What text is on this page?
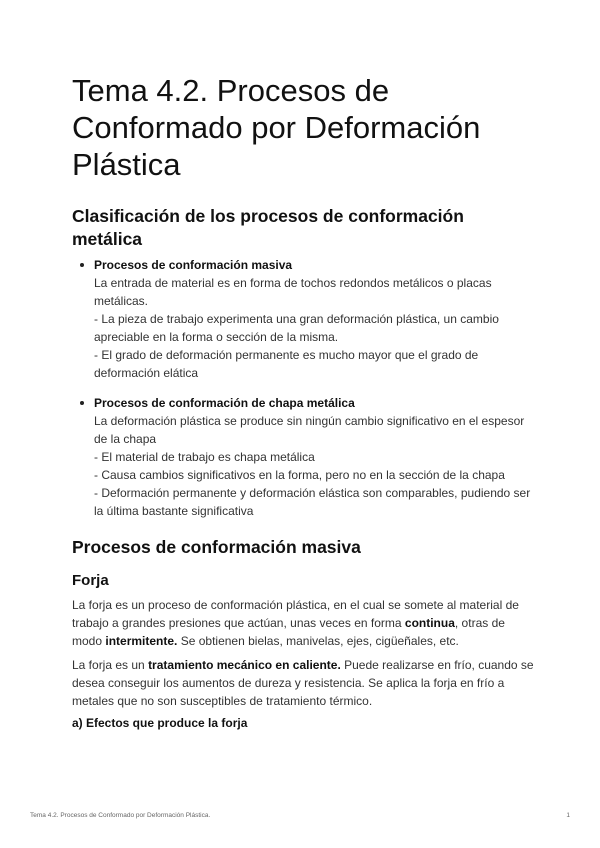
Tema 4.2. Procesos de Conformado por Deformación Plástica
Clasificación de los procesos de conformación metálica
Procesos de conformación masiva
La entrada de material es en forma de tochos redondos metálicos o placas metálicas.
- La pieza de trabajo experimenta una gran deformación plástica, un cambio apreciable en la forma o sección de la misma.
- El grado de deformación permanente es mucho mayor que el grado de deformación elática
Procesos de conformación de chapa metálica
La deformación plástica se produce sin ningún cambio significativo en el espesor de la chapa
- El material de trabajo es chapa metálica
- Causa cambios significativos en la forma, pero no en la sección de la chapa
- Deformación permanente y deformación elástica son comparables, pudiendo ser la última bastante significativa
Procesos de conformación masiva
Forja

La forja es un proceso de conformación plástica, en el cual se somete al material de trabajo a grandes presiones que actúan, unas veces en forma continua, otras de modo intermitente. Se obtienen bielas, manivelas, ejes, cigüeñales, etc.

La forja es un tratamiento mecánico en caliente. Puede realizarse en frío, cuando se desea conseguir los aumentos de dureza y resistencia. Se aplica la forja en frío a metales que no son susceptibles de tratamiento térmico.

a) Efectos que produce la forja

Tema 4.2. Procesos de Conformado por Deformación Plástica.	1
